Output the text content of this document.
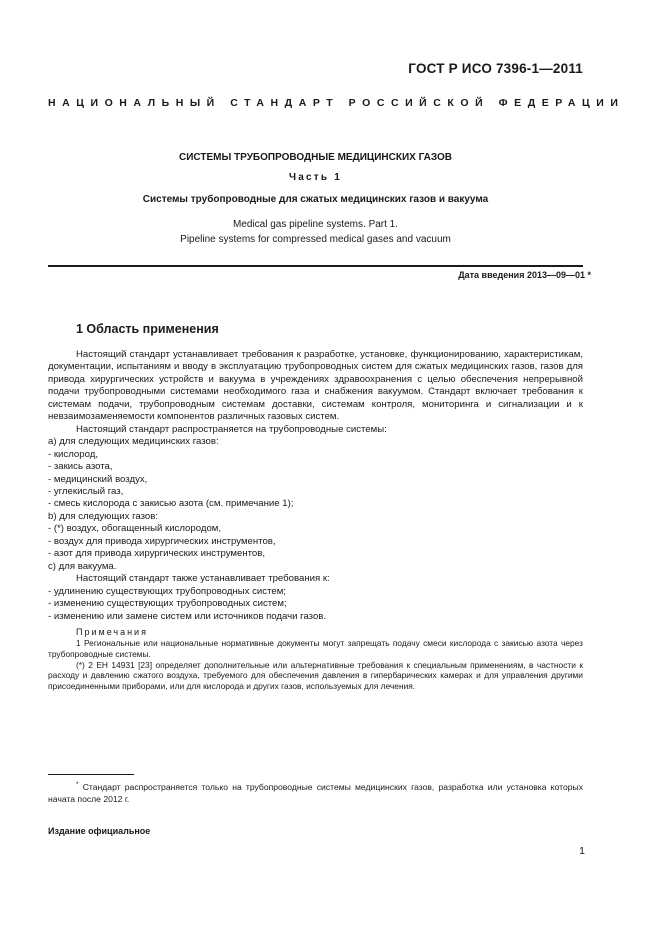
ГОСТ Р ИСО 7396-1—2011
НАЦИОНАЛЬНЫЙ СТАНДАРТ РОССИЙСКОЙ ФЕДЕРАЦИИ
СИСТЕМЫ ТРУБОПРОВОДНЫЕ МЕДИЦИНСКИХ ГАЗОВ
Часть 1
Системы трубопроводные для сжатых медицинских газов и вакуума
Medical gas pipeline systems. Part 1.
Pipeline systems for compressed medical gases and vacuum
Дата введения 2013—09—01 *
1 Область применения

Настоящий стандарт устанавливает требования к разработке, установке, функционированию, характеристикам, документации, испытаниям и вводу в эксплуатацию трубопроводных систем для сжатых медицинских газов, газов для привода хирургических устройств и вакуума в учреждениях здравоохранения с целью обеспечения непрерывной подачи трубопроводными системами необходимого газа и снабжения вакуумом. Стандарт включает требования к системам подачи, трубопроводным системам доставки, системам контроля, мониторинга и сигнализации и к невзаимозаменяемости компонентов различных газовых систем.

Настоящий стандарт распространяется на трубопроводные системы:

а) для следующих медицинских газов:

- кислород,

- закись азота,

- медицинский воздух,

- углекислый газ,

- смесь кислорода с закисью азота (см. примечание 1);

b) для следующих газов:

- (*) воздух, обогащенный кислородом,

- воздух для привода хирургических инструментов,

- азот для привода хирургических инструментов,

с) для вакуума.

Настоящий стандарт также устанавливает требования к:

- удлинению существующих трубопроводных систем;

- изменению существующих трубопроводных систем;

- изменению или замене систем или источников подачи газов.

Примечания

1 Региональные или национальные нормативные документы могут запрещать подачу смеси кислорода с закисью азота через трубопроводные системы.

(*) 2 ЕН 14931 [23] определяет дополнительные или альтернативные требования к специальным применениям, в частности к расходу и давлению сжатого воздуха, требуемого для обеспечения давления в гипербарических камерах и для управления другими присоединенными приборами, или для кислорода и других газов, используемых для лечения.

* Стандарт распространяется только на трубопроводные системы медицинских газов, разработка или установка которых начата после 2012 г.

Издание официальное
1
